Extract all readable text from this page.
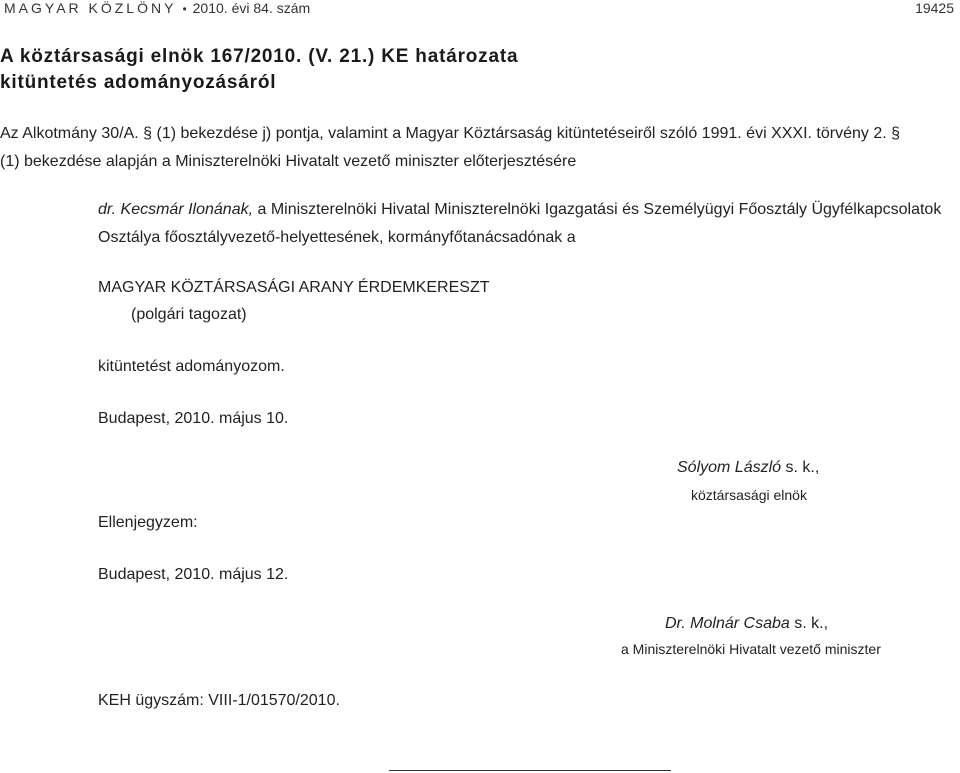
MAGYAR KÖZLÖNY • 2010. évi 84. szám	19425
A köztársasági elnök 167/2010. (V. 21.) KE határozata
kitüntetés adományozásáról
Az Alkotmány 30/A. § (1) bekezdése j) pontja, valamint a Magyar Köztársaság kitüntetéseiről szóló 1991. évi XXXI. törvény 2. §
(1) bekezdése alapján a Miniszterelnöki Hivatalt vezető miniszter előterjesztésére
dr. Kecsmár Ilonának, a Miniszterelnöki Hivatal Miniszterelnöki Igazgatási és Személyügyi Főosztály Ügyfélkapcsolatok
Osztálya főosztályvezető-helyettesének, kormányfőtanácsadónak a
MAGYAR KÖZTÁRSASÁGI ARANY ÉRDEMKERESZT
(polgári tagozat)
kitüntetést adományozom.
Budapest, 2010. május 10.
Sólyom László s. k.,
köztársasági elnök
Ellenjegyzem:
Budapest, 2010. május 12.
Dr. Molnár Csaba s. k.,
a Miniszterelnöki Hivatalt vezető miniszter
KEH ügyszám: VIII-1/01570/2010.
